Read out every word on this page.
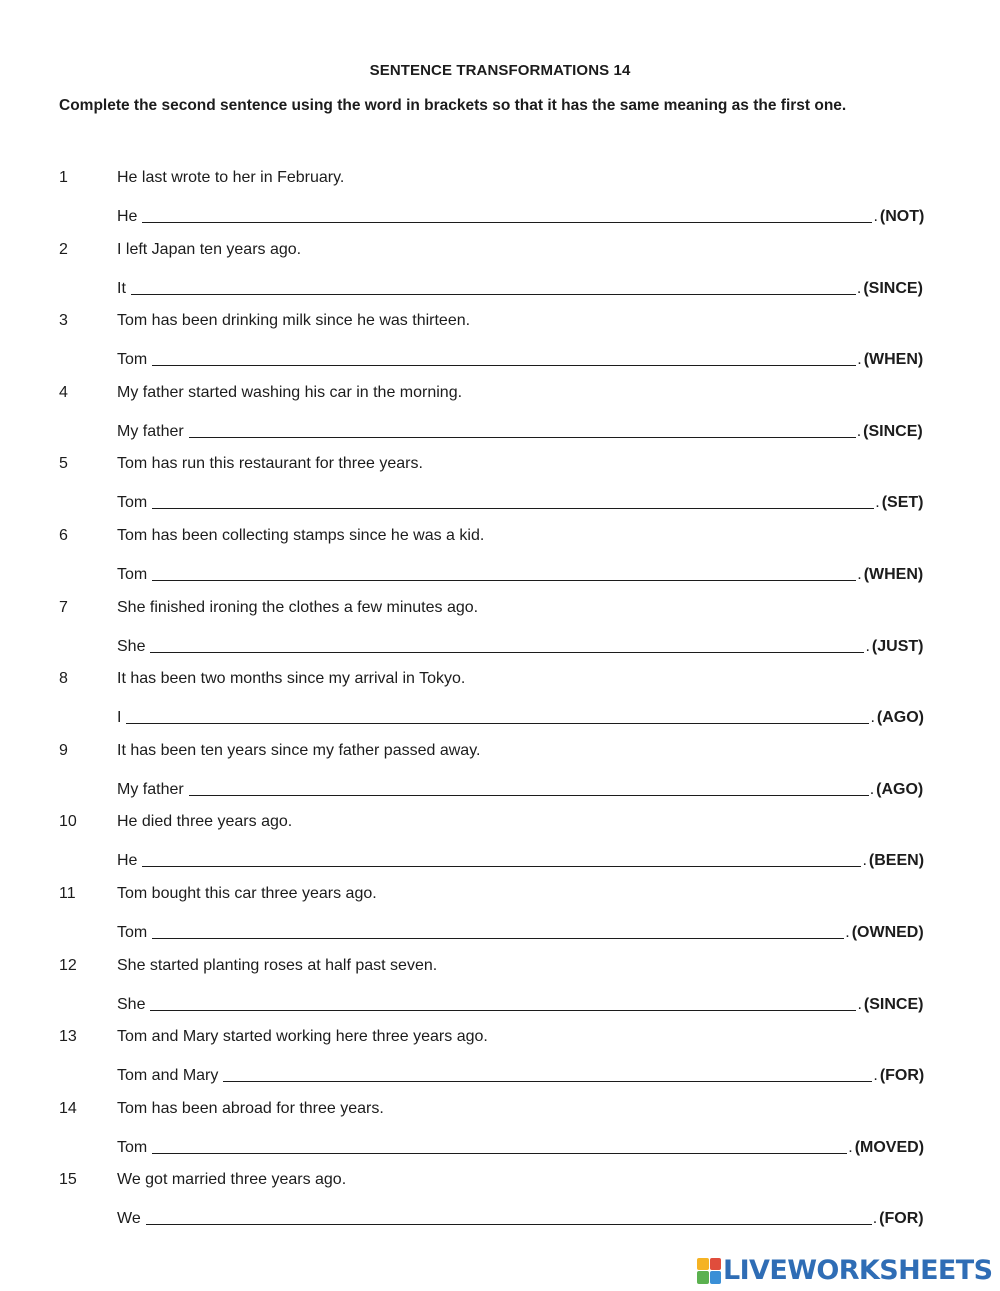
SENTENCE TRANSFORMATIONS 14
Complete the second sentence using the word in brackets so that it has the same meaning as the first one.
1	He last wrote to her in February.
He	. (NOT)
2	I left Japan ten years ago.
It	. (SINCE)
3	Tom has been drinking milk since he was thirteen.
Tom	. (WHEN)
4	My father started washing his car in the morning.
My father	. (SINCE)
5	Tom has run this restaurant for three years.
Tom	. (SET)
6	Tom has been collecting stamps since he was a kid.
Tom	. (WHEN)
7	She finished ironing the clothes a few minutes ago.
She	. (JUST)
8	It has been two months since my arrival in Tokyo.
I	. (AGO)
9	It has been ten years since my father passed away.
My father	. (AGO)
10	He died three years ago.
He	. (BEEN)
11	Tom bought this car three years ago.
Tom	. (OWNED)
12	She started planting roses at half past seven.
She	. (SINCE)
13	Tom and Mary started working here three years ago.
Tom and Mary	. (FOR)
14	Tom has been abroad for three years.
Tom	. (MOVED)
15	We got married three years ago.
We	. (FOR)
LIVEWORKSHEETS
